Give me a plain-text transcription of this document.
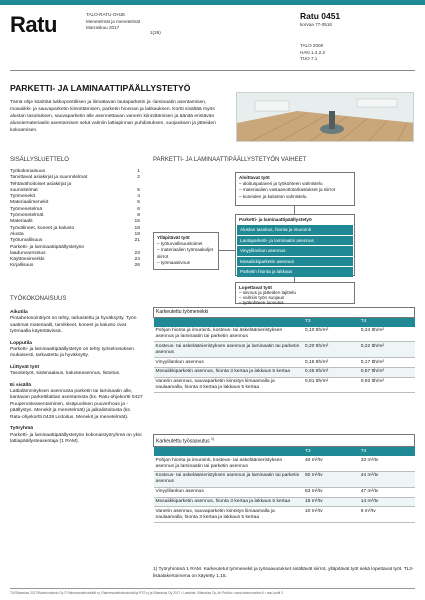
Ratu	TALO-RATU-OHJE
Menetelmät ja menetelmät
Marraskuu 2017
1(26)
Ratu 0451
korvaa 77-0516
TALO 2000
HAN 1.4.2.2
TUO 7.1
PARKETTI- JA LAMINAATTIPÄÄLLYSTETYÖ
Tämä ohje käsittää lukkoponttilisen ja liimattavan lautaparketin ja -laminaatin asentamisen, mosaiikki- ja sauvaparketin kiinnittämisen, parketin hionnan ja lakkauksen. Kortti sisältää myös alustan tasoituksen, sauvaparketin alle asennettavan vanerin kiinnittämisen ja äänitä eristävän aluseiemateriaalin asentamisen sekä valmiin lattiapinnan puhdistuksen, suojauksen ja jätteiden kokoamisen.
SISÄLLYSLUETTELO
Työkokonaisuus	1
Tarvittavat asiakirjat ja suunnitelmat	2
Tehtävähoitoiset asiakirjat ja
suunnitelmat	5
Työmenekit	4
Materiaalimenekit	5
Työmenetelmä	6
Työmenetelmät	8
Materiaalit	15
Työvälineet, koneet ja kalusto	18
Alusta	19
Työturvallisuus	21
Parketti- ja laminaattipäällystetyön
laadunvarmistus	23
Käyttöesimerkki	24
Kirjallisuus	26
TYÖKOKONAISUUS
Aikutila
Pintabetonointityöt on tehty, tarkastettu ja hyväksytty. Työn vaatimat materiaalit, tarvikkeet, koneet ja kalusto ovat työmaalla käytettävissä.
Lopputila
Parketti- ja laminaattipäällystetyö on tehty työselostuksen mukaisesti, tarkastettu ja hyväksytty.
Liittyvät työt
Tasoitetyöt, sisämaalaus, kalusteasennus, listoitus.
Ei sisällä
Lattialämmityksen asennusta parketin tai laminaatin alle, kantavan parkettilattian asentamista (ks. Ratu-ohjekortti 0427 Puuperusteasentaminen, sisäpuolinen puuverhous ja -päällystys. Menekit ja menetelmät) ja jalkalistoitusta (ks. Ratu-ohjekortti 0428 Listoitus. Menekit ja menetelmät).
Työryhmä
Parketti- ja laminaattipäällystetyön kokonaistyöryhmä on yksi lattiapäällysteasentaja (1 RAM).
PARKETTI- JA LAMINAATTIPÄÄLLYSTETYÖN VAIHEET
Aloittavat työt
– aloituspalaveri ja työkohteen valmistelu
– materiaalien vastaanottotarkastukset ja siirrot
– koneiden ja kaluston valmistelu
Ylläpitävät työt
– työturvallisuustoimet
– materiaalien työmaakuljet siirrot
– työmaasiivous
Parketti- ja laminaattipäällystetyö
Alustan tasoitus, hionta ja imurointi
Lautaparketti- ja laminaatin asennus
Vinyylilankun asennus
Mosaiikkiparketin asennus
Parketin hionta ja lakkaus
Lopettavat työt
– siivous ja jätteiden lajittelu
– valmiin työn suojaus
– työkohteen luovutus
Karkeutettu työmenekki		
	T3	T4
Pohjan hionta ja imurointi, kosteus- tai äskeläänieristyksen asennus ja laminaatin tai parketin asennus	0,10 tth/m²	0,24 tth/m²
Kosteus- tai askeläänieristyksen asennus ja laminaatin tai parketin asennus	0,20 tth/m²	0,22 tth/m²
Vinyylilankun asennus	0,15 tth/m²	0,17 tth/m²
Mosaiikkiparketin asennus, hionta 3 kertaa ja lakkaus 5 kertaa	0,45 tth/m²	0,57 tth/m²
Vanerin asennus, sauvaparketin kiinnitys liimaamalla ja naulaamalla, hionta 3 kertaa ja lakkaus 5 kertaa	0,81 tth/m²	0,93 tth/m²
Karkeutettu työsaavutus $^{1)}$
	T3	T4
Pohjan hionta ja imurointi, kosteus- tai askeläänieristyksen asennus ja laminaatin tai parketin asennus	40 m²/tv	33 m²/tv
Kosteus- tai askeläänieristyksen asennus ja laminaatin tai parketin asennus	50 m²/tv	44 m²/tv
Vinyylilankun asennus	53 m²/tv	47 m²/tv
Mosaiikkiparketin asennus, hionta 3 kertaa ja lakkaus 5 kertaa	18 m²/tv	14 m²/tv
Vanerin asennus, sauvaparketin kiinnitys liimaamalla ja naulaamalla, hionta 3 kertaa ja lakkaus 5 kertaa	10 m²/tv	9 m²/tv
1) Työryhmänä 1 RAM. Karkeutetut työmenekit ja työsaavutukset sisältävät siirrot, ylläpitävät työt sekä lopettavat työt. TL3-lisäalakertoimena on käytetty 1,15.
TU/Siltarakas 2017/Rakennustieto Oy © Rakennustietosäätiö ry, Rakennustietokeskukslöyt RTS ry ja Siltarakas Oy 2017 • Laadinta: Siltarakas Oy, Ari Pellola • www.rakennustieto.fi • ratu-kortti 3
